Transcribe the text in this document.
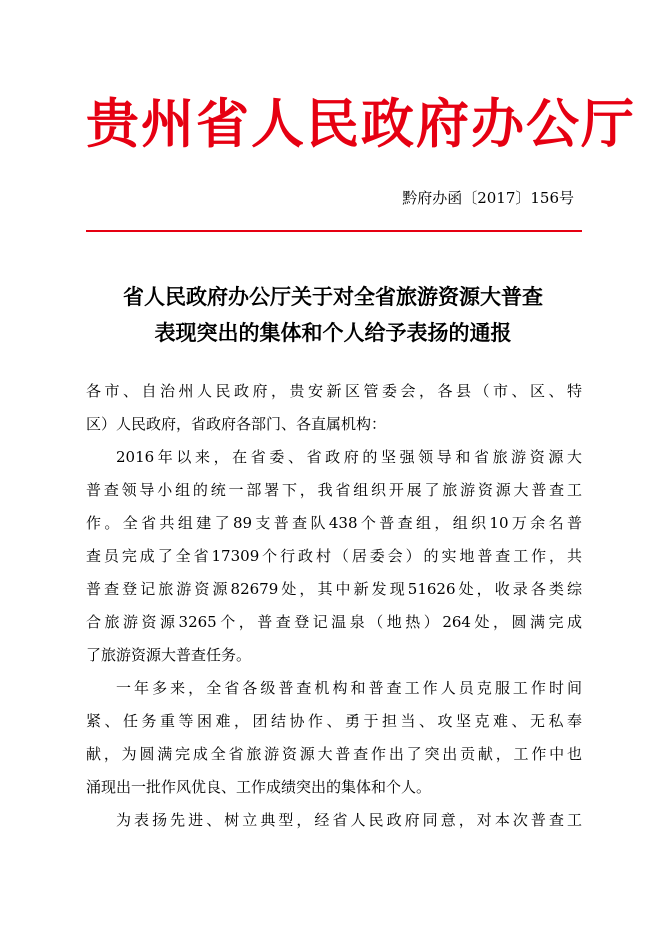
贵州省人民政府办公厅
黔府办函〔2017〕156号
省人民政府办公厅关于对全省旅游资源大普查
表现突出的集体和个人给予表扬的通报
各市、自治州人民政府，贵安新区管委会，各县（市、区、特
区）人民政府，省政府各部门、各直属机构：
2016年以来，在省委、省政府的坚强领导和省旅游资源大
普查领导小组的统一部署下，我省组织开展了旅游资源大普查工
作。全省共组建了89支普查队438个普查组，组织10万余名普
查员完成了全省17309个行政村（居委会）的实地普查工作，共
普查登记旅游资源82679处，其中新发现51626处，收录各类综
合旅游资源3265个，普查登记温泉（地热）264处，圆满完成
了旅游资源大普查任务。
一年多来，全省各级普查机构和普查工作人员克服工作时间
紧、任务重等困难，团结协作、勇于担当、攻坚克难、无私奉
献，为圆满完成全省旅游资源大普查作出了突出贡献，工作中也
涌现出一批作风优良、工作成绩突出的集体和个人。
为表扬先进、树立典型，经省人民政府同意，对本次普查工
